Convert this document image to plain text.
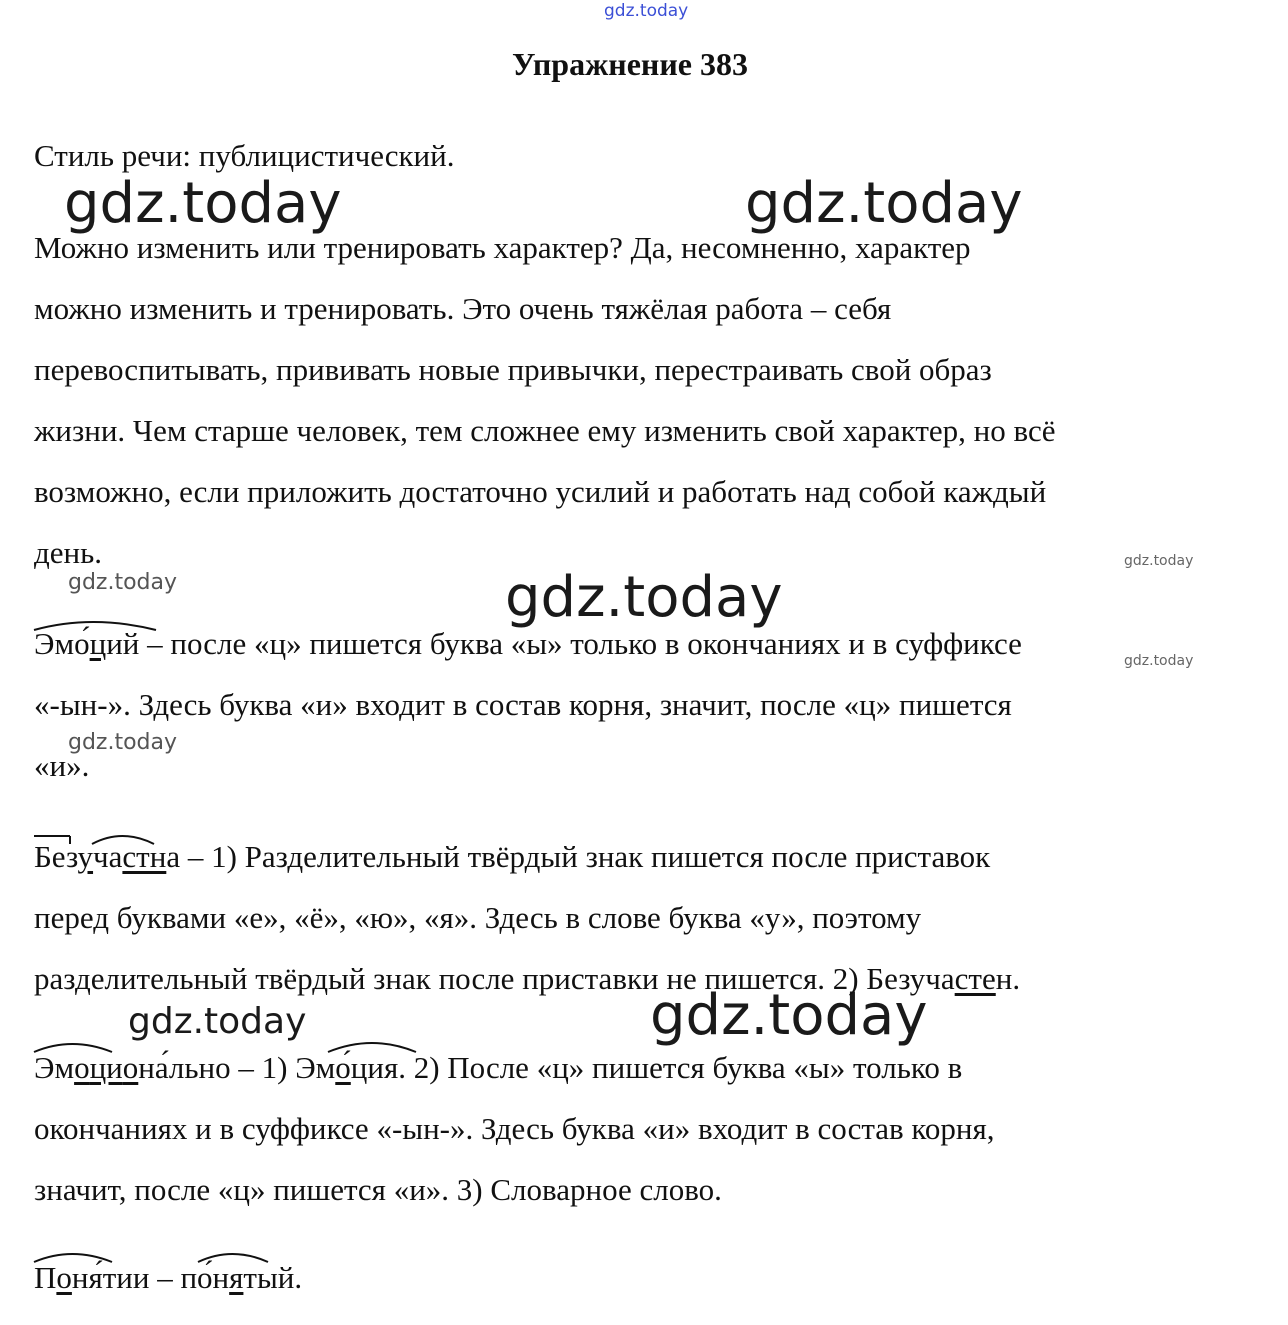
gdz.today
gdz.today	gdz.today
gdz.today
gdz.today
gdz.today
gdz.today
gdz.today
gdz.today
gdz.today
Упражнение 383
Стиль речи: публицистический.
Можно изменить или тренировать характер? Да, несомненно, характер
можно изменить и тренировать. Это очень тяжёлая работа – себя
перевоспитывать, прививать новые привычки, перестраивать свой образ
жизни. Чем старше человек, тем сложнее ему изменить свой характер, но всё
возможно, если приложить достаточно усилий и работать над собой каждый
день.
Эмо́ций – после «ц» пишется буква «ы» только в окончаниях и в суффиксе
«-ын-». Здесь буква «и» входит в состав корня, значит, после «ц» пишется
«и».
Безучастна – 1) Разделительный твёрдый знак пишется после приставок
перед буквами «е», «ё», «ю», «я». Здесь в слове буква «у», поэтому
разделительный твёрдый знак после приставки не пишется. 2) Безучастен.
Эмоциона́льно – 1) Эмо́ция. 2) После «ц» пишется буква «ы» только в
окончаниях и в суффиксе «-ын-». Здесь буква «и» входит в состав корня,
значит, после «ц» пишется «и». 3) Словарное слово.
Поня́тии – по́нятый.
